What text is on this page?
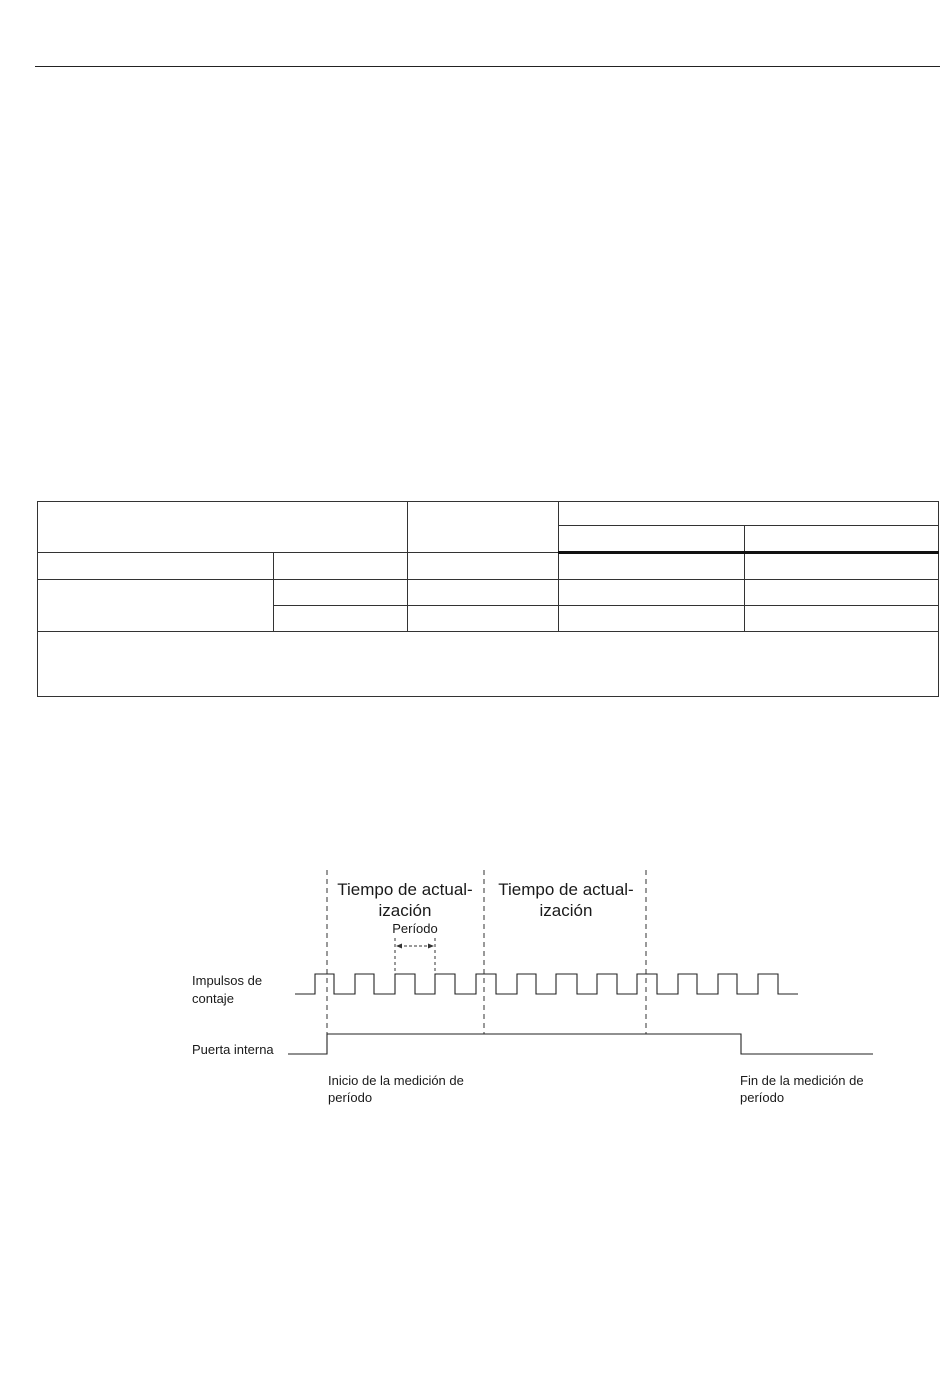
Tiempo de actual-
ización
Tiempo de actual-
ización
Período
Impulsos de
contaje
Puerta interna
Inicio de la medición de
período
Fin de la medición de
período
